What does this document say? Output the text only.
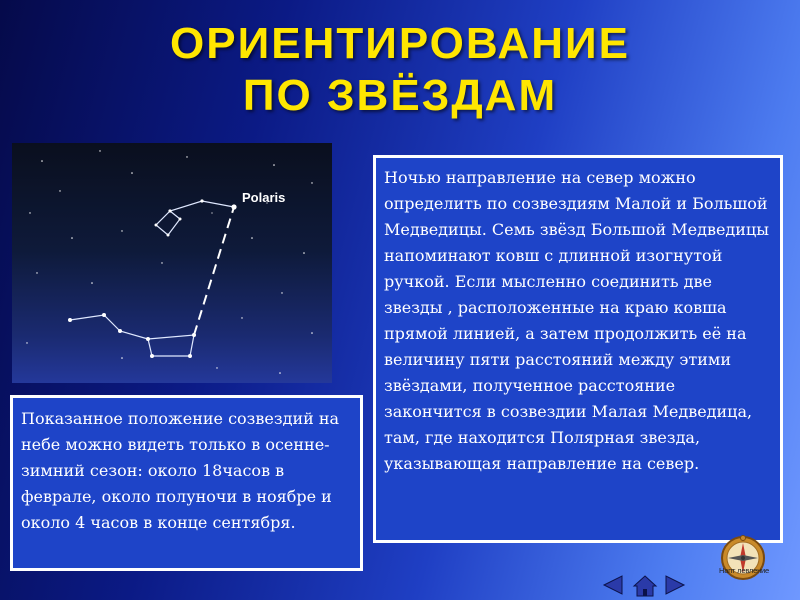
ОРИЕНТИРОВАНИЕ
ПО ЗВЁЗДАМ
Polaris
Показанное положение созвездий на небе можно видеть только в осенне-зимний сезон: около 18часов в феврале, около полуночи в ноябре и около 4 часов в конце сентября.
Ночью направление на север можно определить по созвездиям Малой и Большой Медведицы. Семь звёзд Большой Медведицы напоминают ковш с длинной изогнутой ручкой. Если мысленно соединить две звезды , расположенные на краю ковша прямой линией, а затем продолжить её на величину пяти расстояний между этими звёздами, полученное расстояние закончится в созвездии Малая Медведица, там, где находится Полярная звезда, указывающая направление на север.
Напт левление
